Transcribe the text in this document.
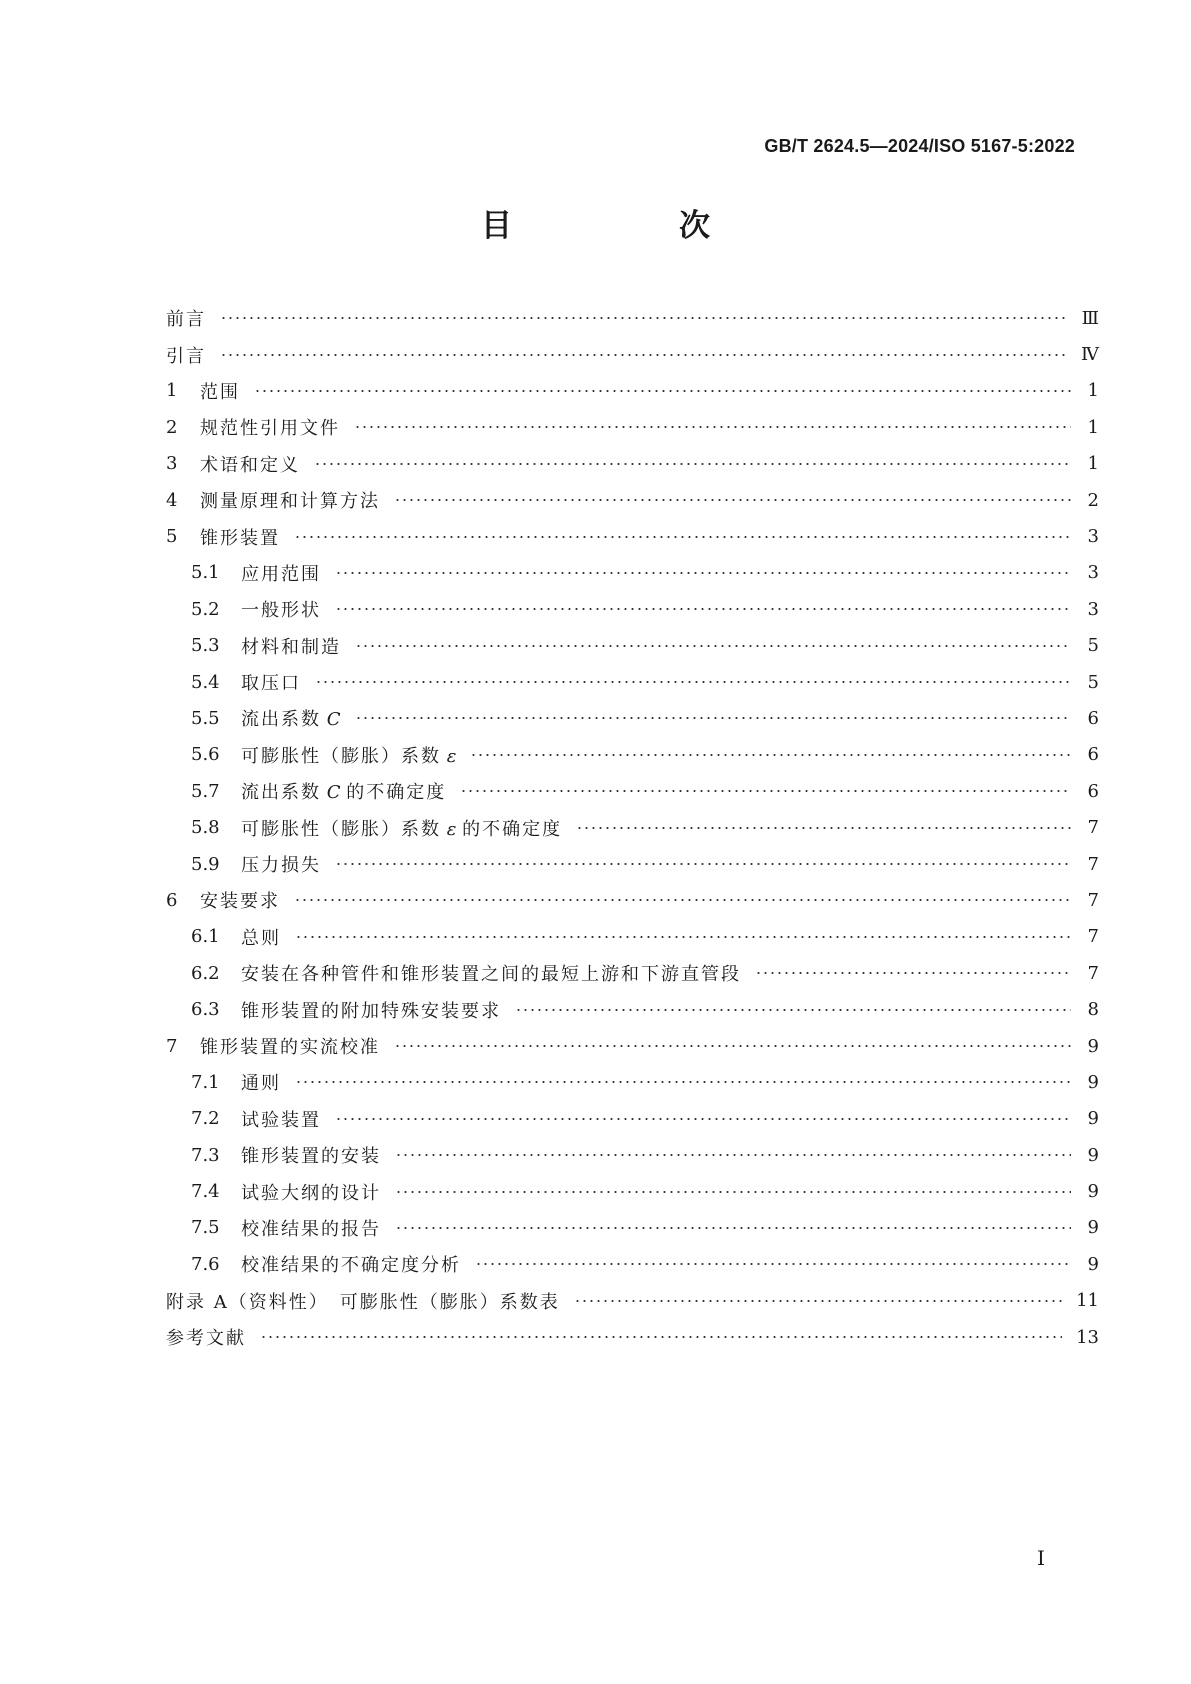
GB/T 2624.5—2024/ISO 5167-5:2022
目　次
前言	Ⅲ
引言	Ⅳ
1	范围	1
2	规范性引用文件	1
3	术语和定义	1
4	测量原理和计算方法	2
5	锥形装置	3
5.1	应用范围	3
5.2	一般形状	3
5.3	材料和制造	5
5.4	取压口	5
5.5	流出系数 C	6
5.6	可膨胀性（膨胀）系数 ε	6
5.7	流出系数 C 的不确定度	6
5.8	可膨胀性（膨胀）系数 ε 的不确定度	7
5.9	压力损失	7
6	安装要求	7
6.1	总则	7
6.2	安装在各种管件和锥形装置之间的最短上游和下游直管段	7
6.3	锥形装置的附加特殊安装要求	8
7	锥形装置的实流校准	9
7.1	通则	9
7.2	试验装置	9
7.3	锥形装置的安装	9
7.4	试验大纲的设计	9
7.5	校准结果的报告	9
7.6	校准结果的不确定度分析	9
附录 A（资料性）　可膨胀性（膨胀）系数表	11
参考文献	13
I
